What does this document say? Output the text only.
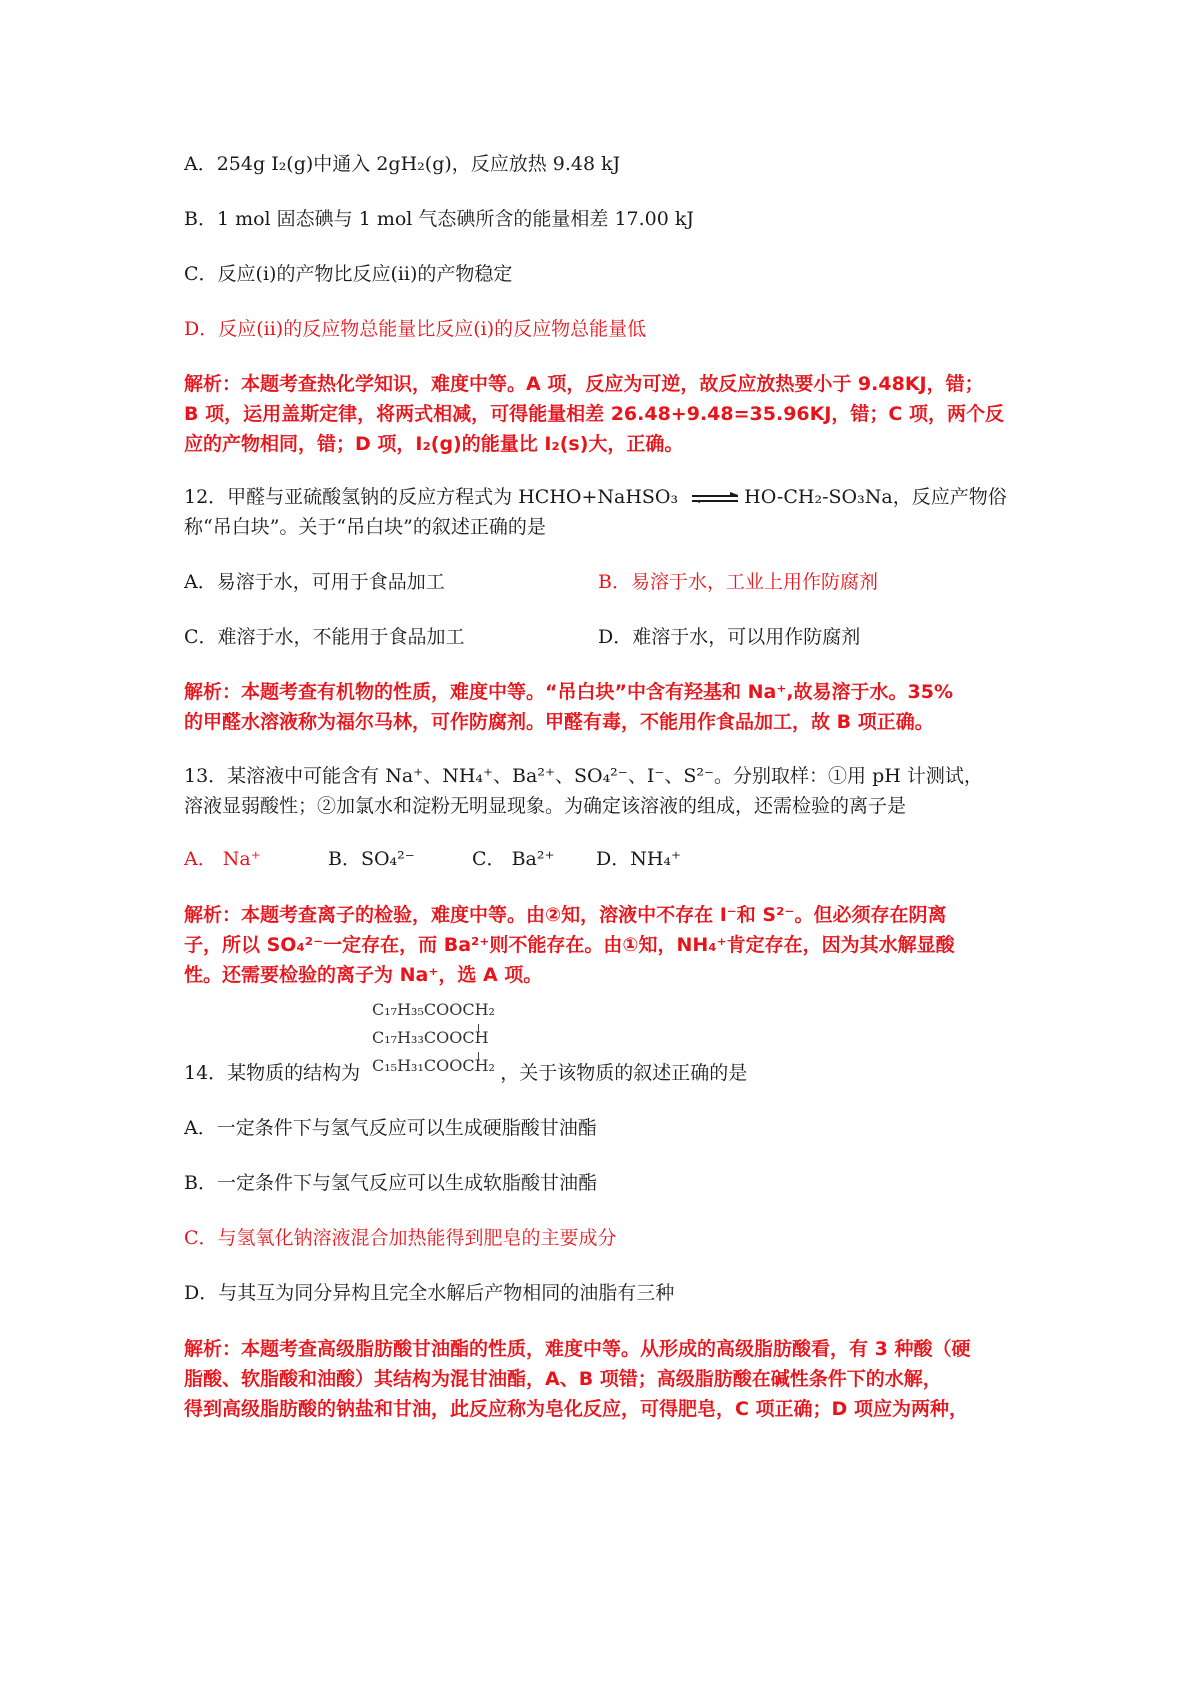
A．254g I₂(g)中通入 2gH₂(g)，反应放热 9.48 kJ
B．1 mol 固态碘与 1 mol 气态碘所含的能量相差 17.00 kJ
C．反应(i)的产物比反应(ii)的产物稳定
D．反应(ii)的反应物总能量比反应(i)的反应物总能量低
解析：本题考查热化学知识，难度中等。A 项，反应为可逆，故反应放热要小于 9.48KJ，错；
B 项，运用盖斯定律，将两式相减，可得能量相差 26.48+9.48=35.96KJ，错；C 项，两个反
应的产物相同，错；D 项，I₂(g)的能量比 I₂(s)大，正确。
12．甲醛与亚硫酸氢钠的反应方程式为 HCHO+NaHSO₃ ⇌ HO-CH₂-SO₃Na，反应产物俗
称“吊白块”。关于“吊白块”的叙述正确的是
A．易溶于水，可用于食品加工	B．易溶于水，工业上用作防腐剂
C．难溶于水，不能用于食品加工	D．难溶于水，可以用作防腐剂
解析：本题考查有机物的性质，难度中等。“吊白块”中含有羟基和 Na⁺,故易溶于水。35%
的甲醛水溶液称为福尔马林，可作防腐剂。甲醛有毒，不能用作食品加工，故 B 项正确。
13．某溶液中可能含有 Na⁺、NH₄⁺、Ba²⁺、SO₄²⁻、I⁻、S²⁻。分别取样：①用 pH 计测试，
溶液显弱酸性；②加氯水和淀粉无明显现象。为确定该溶液的组成，还需检验的离子是
A． Na⁺	B．SO₄²⁻	C． Ba²⁺ D．NH₄⁺
解析：本题考查离子的检验，难度中等。由②知，溶液中不存在 I⁻和 S²⁻。但必须存在阴离
子，所以 SO₄²⁻一定存在，而 Ba²⁺则不能存在。由①知，NH₄⁺肯定存在，因为其水解显酸
性。还需要检验的离子为 Na⁺，选 A 项。
C₁₇H₃₅COOCH₂
C₁₇H₃₃COOCH
C₁₅H₃₁COOCH₂
14．某物质的结构为	，关于该物质的叙述正确的是
A．一定条件下与氢气反应可以生成硬脂酸甘油酯
B．一定条件下与氢气反应可以生成软脂酸甘油酯
C．与氢氧化钠溶液混合加热能得到肥皂的主要成分
D．与其互为同分异构且完全水解后产物相同的油脂有三种
解析：本题考查高级脂肪酸甘油酯的性质，难度中等。从形成的高级脂肪酸看，有 3 种酸（硬
脂酸、软脂酸和油酸）其结构为混甘油酯，A、B 项错；高级脂肪酸在碱性条件下的水解，
得到高级脂肪酸的钠盐和甘油，此反应称为皂化反应，可得肥皂，C 项正确；D 项应为两种，
